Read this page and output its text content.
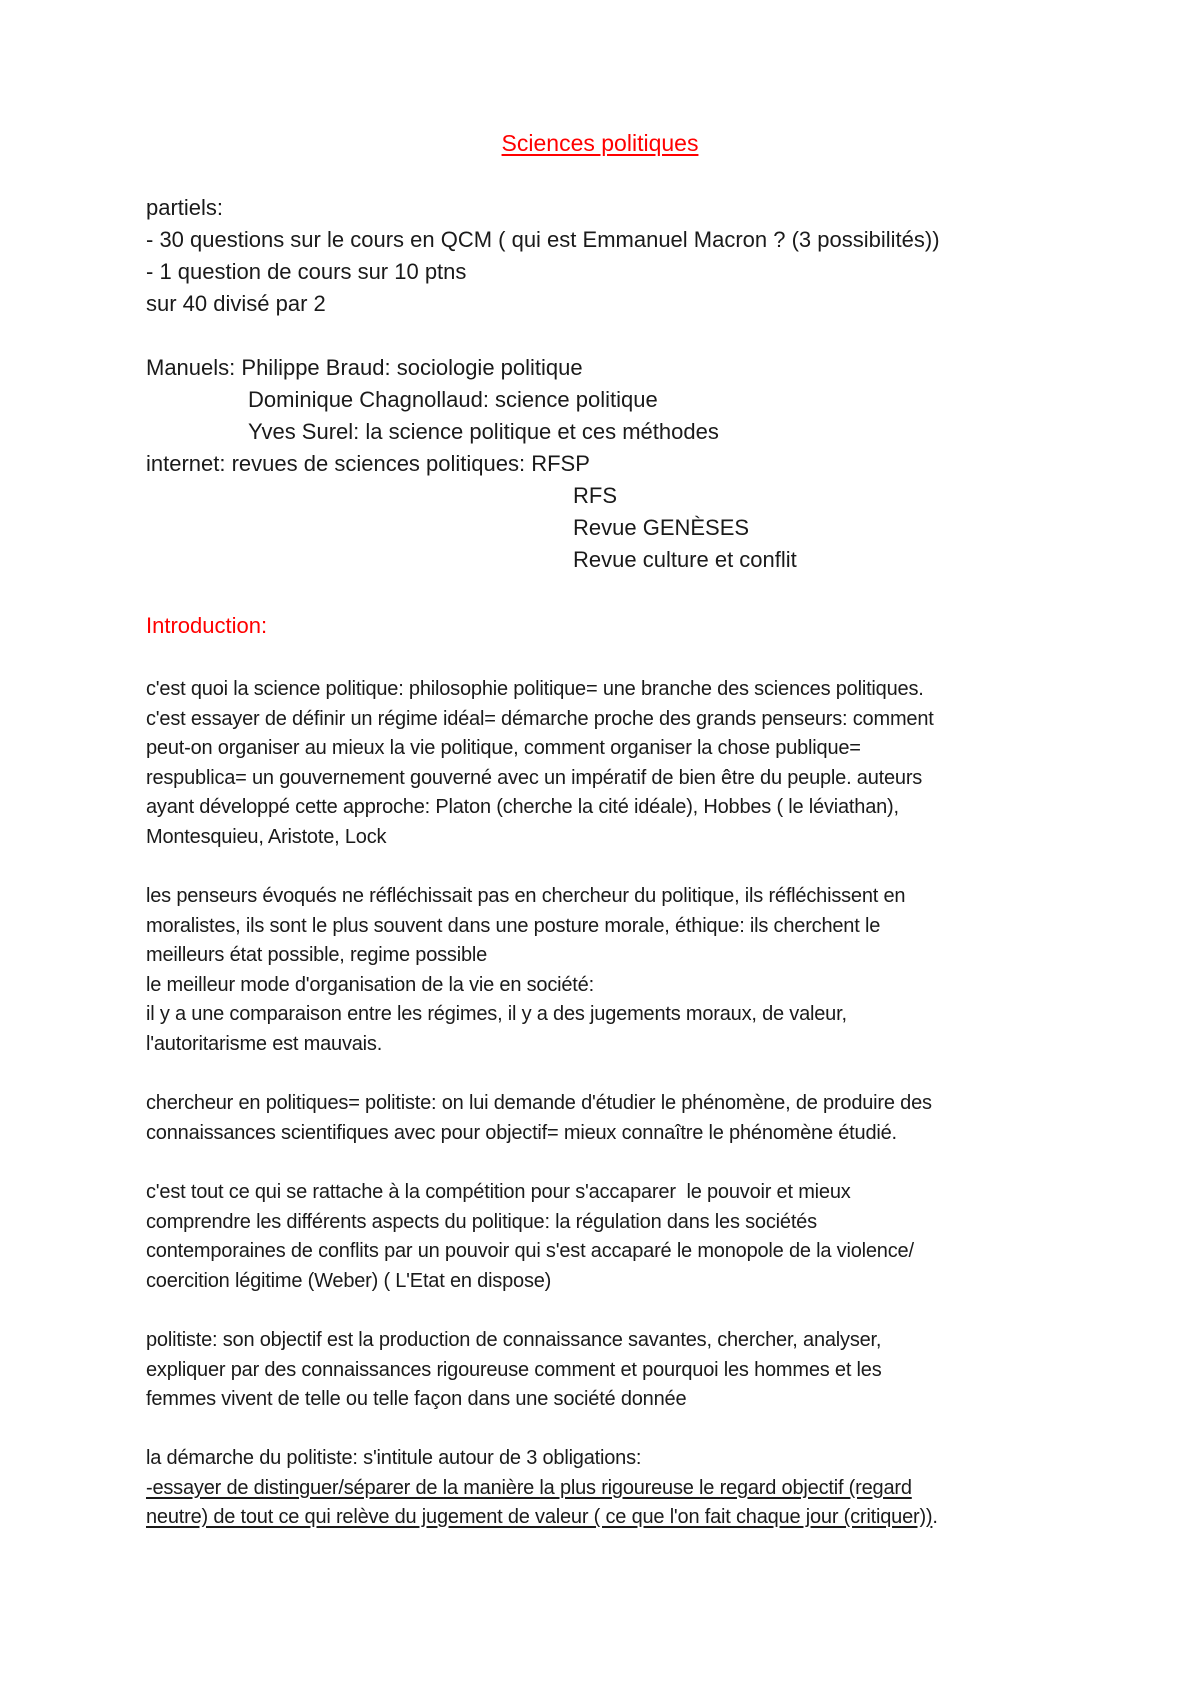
Sciences politiques
partiels:
- 30 questions sur le cours en QCM ( qui est Emmanuel Macron ? (3 possibilités))
- 1 question de cours sur 10 ptns
sur 40 divisé par 2
Manuels: Philippe Braud: sociologie politique
Dominique Chagnollaud: science politique
Yves Surel: la science politique et ces méthodes
internet: revues de sciences politiques: RFSP
RFS
Revue GENÈSES
Revue culture et conflit
Introduction:
c'est quoi la science politique: philosophie politique= une branche des sciences politiques.
c'est essayer de définir un régime idéal= démarche proche des grands penseurs: comment
peut-on organiser au mieux la vie politique, comment organiser la chose publique=
respublica= un gouvernement gouverné avec un impératif de bien être du peuple. auteurs
ayant développé cette approche: Platon (cherche la cité idéale), Hobbes ( le léviathan),
Montesquieu, Aristote, Lock
les penseurs évoqués ne réfléchissait pas en chercheur du politique, ils réfléchissent en
moralistes, ils sont le plus souvent dans une posture morale, éthique: ils cherchent le
meilleurs état possible, regime possible
le meilleur mode d'organisation de la vie en société:
il y a une comparaison entre les régimes, il y a des jugements moraux, de valeur,
l'autoritarisme est mauvais.
chercheur en politiques= politiste: on lui demande d'étudier le phénomène, de produire des
connaissances scientifiques avec pour objectif= mieux connaître le phénomène étudié.
c'est tout ce qui se rattache à la compétition pour s'accaparer  le pouvoir et mieux
comprendre les différents aspects du politique: la régulation dans les sociétés
contemporaines de conflits par un pouvoir qui s'est accaparé le monopole de la violence/
coercition légitime (Weber) ( L'Etat en dispose)
politiste: son objectif est la production de connaissance savantes, chercher, analyser,
expliquer par des connaissances rigoureuse comment et pourquoi les hommes et les
femmes vivent de telle ou telle façon dans une société donnée
la démarche du politiste: s'intitule autour de 3 obligations:
-essayer de distinguer/séparer de la manière la plus rigoureuse le regard objectif (regard
neutre) de tout ce qui relève du jugement de valeur ( ce que l'on fait chaque jour (critiquer)).
